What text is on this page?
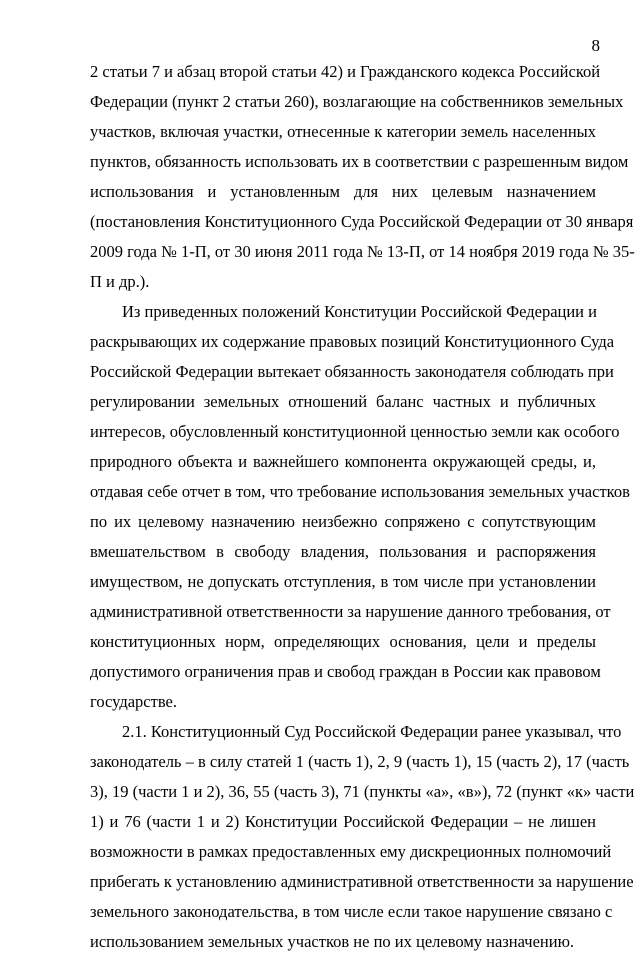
8
2 статьи 7 и абзац второй статьи 42) и Гражданского кодекса Российской
Федерации (пункт 2 статьи 260), возлагающие на собственников земельных
участков, включая участки, отнесенные к категории земель населенных
пунктов, обязанность использовать их в соответствии с разрешенным видом
использования и установленным для них целевым назначением
(постановления Конституционного Суда Российской Федерации от 30 января
2009 года № 1-П, от 30 июня 2011 года № 13-П, от 14 ноября 2019 года № 35-
П и др.).
Из приведенных положений Конституции Российской Федерации и
раскрывающих их содержание правовых позиций Конституционного Суда
Российской Федерации вытекает обязанность законодателя соблюдать при
регулировании земельных отношений баланс частных и публичных
интересов, обусловленный конституционной ценностью земли как особого
природного объекта и важнейшего компонента окружающей среды, и,
отдавая себе отчет в том, что требование использования земельных участков
по их целевому назначению неизбежно сопряжено с сопутствующим
вмешательством в свободу владения, пользования и распоряжения
имуществом, не допускать отступления, в том числе при установлении
административной ответственности за нарушение данного требования, от
конституционных норм, определяющих основания, цели и пределы
допустимого ограничения прав и свобод граждан в России как правовом
государстве.
2.1. Конституционный Суд Российской Федерации ранее указывал, что
законодатель – в силу статей 1 (часть 1), 2, 9 (часть 1), 15 (часть 2), 17 (часть
3), 19 (части 1 и 2), 36, 55 (часть 3), 71 (пункты «а», «в»), 72 (пункт «к» части
1) и 76 (части 1 и 2) Конституции Российской Федерации – не лишен
возможности в рамках предоставленных ему дискреционных полномочий
прибегать к установлению административной ответственности за нарушение
земельного законодательства, в том числе если такое нарушение связано с
использованием земельных участков не по их целевому назначению.
